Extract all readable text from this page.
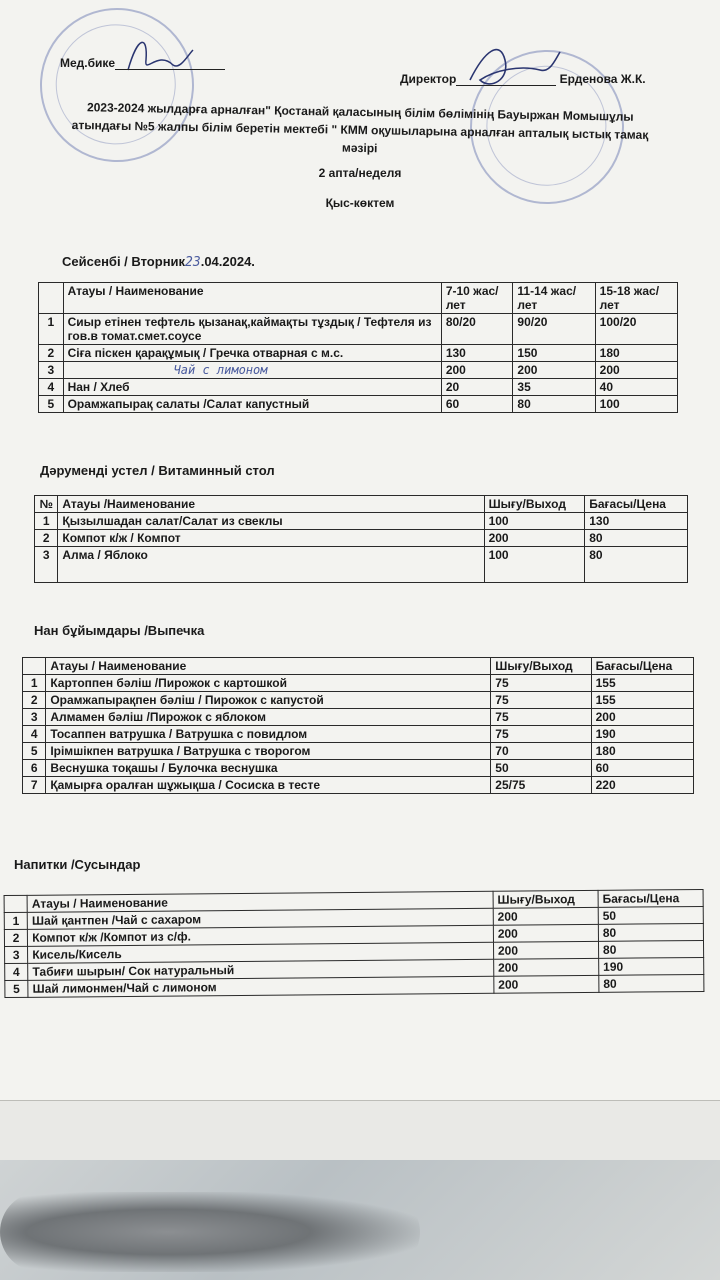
Мед.бике
Директор	Ерденова Ж.К.
2023-2024 жылдарға арналған" Қостанай қаласының білім бөлімінің Бауыржан Момышұлы атындағы №5 жалпы білім беретін мектебі " КММ оқушыларына арналған апталық ыстық тамақ мәзірі
2 апта/неделя
Қыс-көктем
Сейсенбі / Вторник23.04.2024.
	Атауы / Наименование	7-10 жас/ лет	11-14 жас/ лет	15-18 жас/ лет
1	Сиыр етінен тефтель қызанақ,каймақты тұздық / Тефтеля из гов.в томат.смет.соусе	80/20	90/20	100/20
2	Сіға піскен қарақұмық / Гречка отварная с м.с.	130	150	180
3	Чай с лимоном	200	200	200
4	Нан / Хлеб	20	35	40
5	Орамжапырақ салаты /Салат капустный	60	80	100
Дәрумендi устел / Витаминный стол
№	Атауы /Наименование	Шығу/Выход	Бағасы/Цена
1	Қызылшадан салат/Салат из свеклы	100	130
2	Компот к/ж / Компот	200	80
3	Алма / Яблоко	100	80
Нан бұйымдары /Выпечка
	Атауы / Наименование	Шығу/Выход	Бағасы/Цена
1	Картоппен бәліш /Пирожок с картошкой	75	155
2	Орамжапырақпен бәліш / Пирожок с капустой	75	155
3	Алмамен бәліш /Пирожок с яблоком	75	200
4	Тосаппен ватрушка / Ватрушка с повидлом	75	190
5	Ірімшікпен ватрушка / Ватрушка с творогом	70	180
6	Веснушка тоқашы / Булочка веснушка	50	60
7	Қамырға оралған шұжықша / Сосиска в тесте	25/75	220
Напитки /Сусындар
	Атауы / Наименование	Шығу/Выход	Бағасы/Цена
1	Шай қантпен /Чай с сахаром	200	50
2	Компот к/ж /Компот из с/ф.	200	80
3	Кисель/Кисель	200	80
4	Табиғи шырын/ Сок натуральный	200	190
5	Шай лимонмен/Чай с лимоном	200	80
